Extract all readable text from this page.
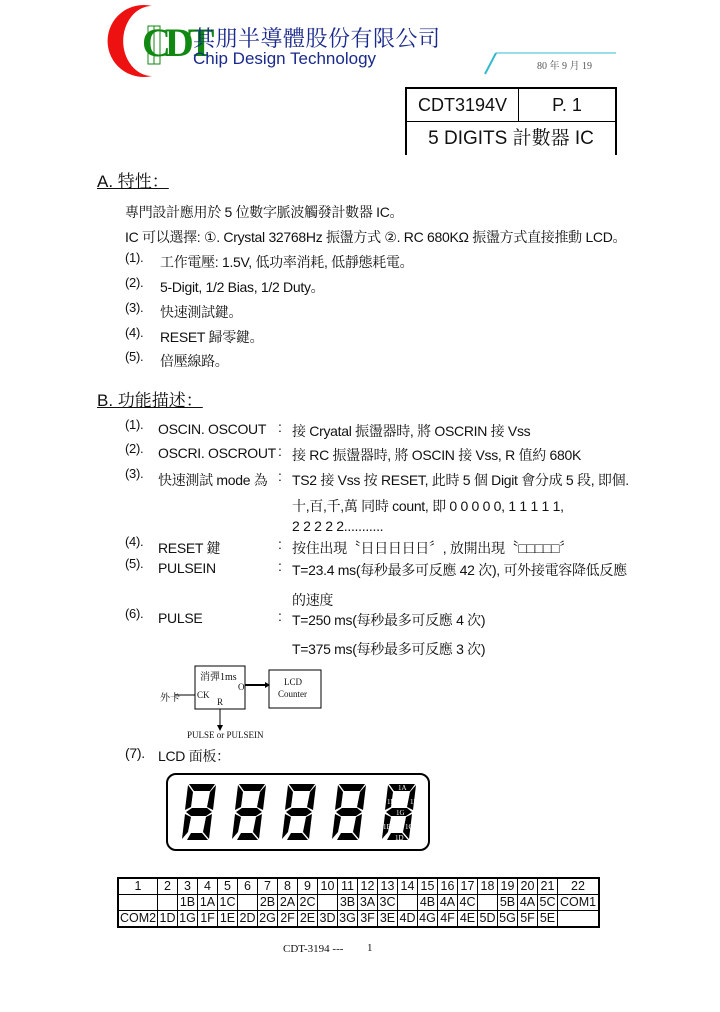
CDT
其朋半導體股份有限公司
Chip Design Technology	80 年 9 月 19
CDT3194V	P. 1
5 DIGITS 計數器 IC
A. 特性：
專門設計應用於 5 位數字脈波觸發計數器 IC。
IC 可以選擇: ①. Crystal 32768Hz 振盪方式 ②. RC 680KΩ 振盪方式直接推動 LCD。
B. 功能描述：
外卡
消彈1ms
CK
O
R
LCD
Counter
PULSE or PULSEIN
(7). LCD 面板：
1A
1B
1F
1G
1E 1C
1D
1	2	3	4	5	6	7	8	9	10	11	12	13	14	15	16	17	18	19	20	21	22
		1B	1A	1C		2B	2A	2C		3B	3A	3C		4B	4A	4C		5B	4A	5C	COM1
COM2	1D	1G	1F	1E	2D	2G	2F	2E	3D	3G	3F	3E	4D	4G	4F	4E	5D	5G	5F	5E	
CDT-3194 --- 1
(1). 工作電壓: 1.5V, 低功率消耗, 低靜態耗電。
(2). 5-Digit, 1/2 Bias, 1/2 Duty。
(3). 快速測試鍵。
(4). RESET 歸零鍵。
(5). 倍壓線路。
(1). OSCIN. OSCOUT : 接 Cryatal 振盪器時, 將 OSCRIN 接 Vss
(2). OSCRI. OSCROUT : 接 RC 振盪器時, 將 OSCIN 接 Vss, R 值約 680K
(3). 快速測試 mode 為 : TS2 接 Vss 按 RESET, 此時 5 個 Digit 會分成 5 段, 即個.
十,百,千,萬 同時 count, 即 0 0 0 0 0, 1 1 1 1 1,
2 2 2 2 2...........
(4). RESET 鍵	: 按住出現〝日日日日日〞, 放開出現〝□□□□□〞
(5). PULSEIN	: T=23.4 ms(每秒最多可反應 42 次), 可外接電容降低反應
的速度
(6). PULSE	: T=250 ms(每秒最多可反應 4 次)
T=375 ms(每秒最多可反應 3 次)
